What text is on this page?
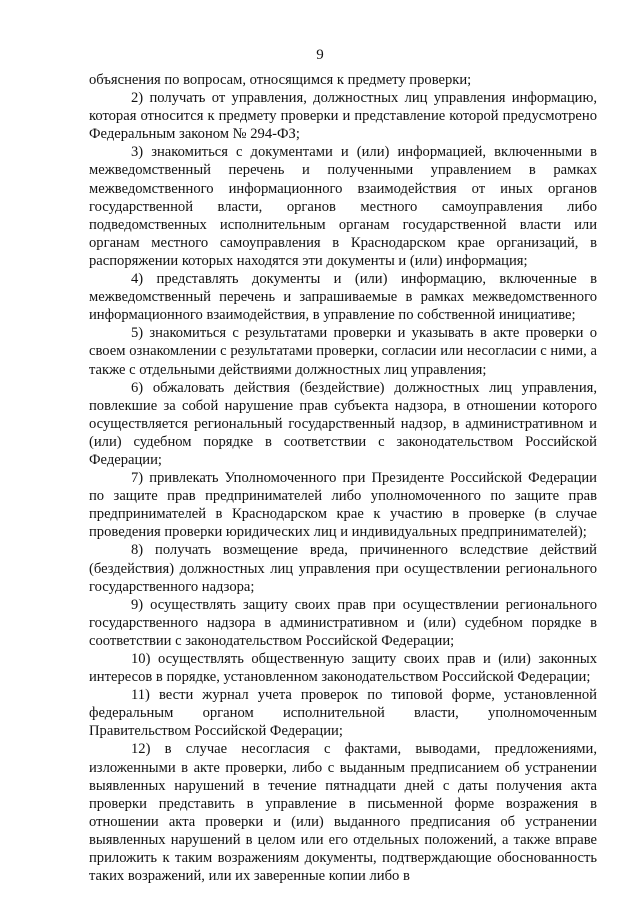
9

объяснения по вопросам, относящимся к предмету проверки;

2) получать от управления, должностных лиц управления информацию, которая относится к предмету проверки и представление которой предусмотрено Федеральным законом № 294-ФЗ;

3) знакомиться с документами и (или) информацией, включенными в межведомственный перечень и полученными управлением в рамках межведомственного информационного взаимодействия от иных органов государственной власти, органов местного самоуправления либо подведомственных исполнительным органам государственной власти или органам местного самоуправления в Краснодарском крае организаций, в распоряжении которых находятся эти документы и (или) информация;

4) представлять документы и (или) информацию, включенные в межведомственный перечень и запрашиваемые в рамках межведомственного информационного взаимодействия, в управление по собственной инициативе;

5) знакомиться с результатами проверки и указывать в акте проверки о своем ознакомлении с результатами проверки, согласии или несогласии с ними, а также с отдельными действиями должностных лиц управления;

6) обжаловать действия (бездействие) должностных лиц управления, повлекшие за собой нарушение прав субъекта надзора, в отношении которого осуществляется региональный государственный надзор, в административном и (или) судебном порядке в соответствии с законодательством Российской Федерации;

7) привлекать Уполномоченного при Президенте Российской Федерации по защите прав предпринимателей либо уполномоченного по защите прав предпринимателей в Краснодарском крае к участию в проверке (в случае проведения проверки юридических лиц и индивидуальных предпринимателей);

8) получать возмещение вреда, причиненного вследствие действий (бездействия) должностных лиц управления при осуществлении регионального государственного надзора;

9) осуществлять защиту своих прав при осуществлении регионального государственного надзора в административном и (или) судебном порядке в соответствии с законодательством Российской Федерации;

10) осуществлять общественную защиту своих прав и (или) законных интересов в порядке, установленном законодательством Российской Федерации;

11) вести журнал учета проверок по типовой форме, установленной федеральным органом исполнительной власти, уполномоченным Правительством Российской Федерации;

12) в случае несогласия с фактами, выводами, предложениями, изложенными в акте проверки, либо с выданным предписанием об устранении выявленных нарушений в течение пятнадцати дней с даты получения акта проверки представить в управление в письменной форме возражения в отношении акта проверки и (или) выданного предписания об устранении выявленных нарушений в целом или его отдельных положений, а также вправе приложить к таким возражениям документы, подтверждающие обоснованность таких возражений, или их заверенные копии либо в
